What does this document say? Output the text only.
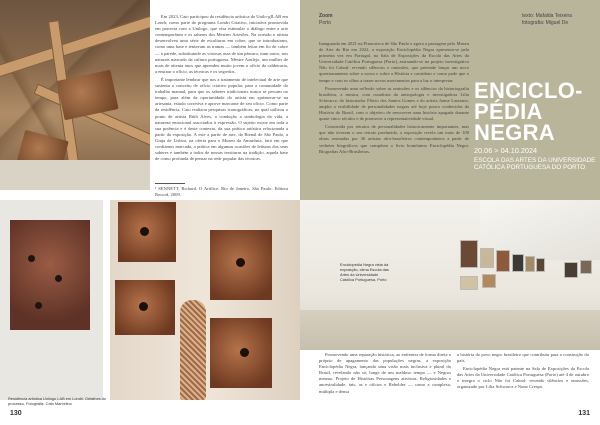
Em 2023, Cato participou da residência artística da Unilo-gILAB em Londr, como parte do programa Londri Criativo, iniciativa promovida em parceria com a Unilogo, que visa estimular o diálogo entre a arte contemporânea e os saberes dos Mestres Artesões. Na ocasião o artista desenvolveu uma série de esculturas em cobre, que se introduziram, como uma base e tentavam as tramas — também feitas em fio de cobre — à parede, substituindo as vistosas asas de um pássaro, num outro, nos naturais marcado da cultura portuguesa. Mestre Azulejo, um mulher de mais de oitenta anos que aprendeu muito jovem o ofício da caldeiraria, a ensinar o ofício, as técnicas e os segredos.

É importante lembrar que nos a tratamento de intelectual de arte que sustenta o conceito de ofício criativo popular, para a comunidade do trabalho manual, para que os saberes tradicionais nunca se percam no tempo, para além da oportunidade do artista em aprimorar-se na artesania, estudo corretiva e aprove marcante de seu ofício. Como parte da residência, Cato realizou pesquisas iconográficas, no qual utilizou o ponto de artista Rüth Alves, a condução a simbologia da vida, a natureza emocional associados à expressão. O sujeito existe em toda a sua potência e é deste contexto, da sua prática artística relacionada a partir da exposição. A este a partir de arte, da Bienal de São Paulo, a Ginja de Lisboa, na oferta para o Museu da Amazônia, fará em que confiamos marcada, a prática em algumas ocasiões de leituras dos seus saberes e também a todos de nossas tessituras na tradição, aquela base de como profunda de pensar na rede popular das técnicas.

¹ SENNETT, Richard. O Artífice. Rio de Janeiro, São Paulo: Editora Record, 2009.
Residência artística Unilogo LAB em Londri. Detalhes do processo. Fotografia: Cato Marcelino
130
Zoom
Porto
texto: Mafalda Teixeira
fotografia: Miguel De

Inaugurada em 2021 na Pinacoteca de São Paulo e agora a passagem pelo Museu de Arte do Rio em 2022, a exposição Enciclopédia Negra apresenta-se pela primeira vez em Portugal, na Sala de Exposições da Escola das Artes da Universidade Católica Portuguesa (Porto), assinando-se no projeto investigativo Não foi Cabral: revendo silêncios e omissões, que pretende lançar um novo questionamento sobre o nosso e sobre a História e contribuir e como pode que o tempo e com os olhos a trazer novos movimentos para a luz o interpretar.

Promovendo uma reflexão sobre as omissões e os silêncios da historiografia brasileira, a mostra, com curadoria da antropologia e investigadora Lilia Schwarcz, do historiador Flávio dos Santos Gomes e do artista Jaime Lauriano, amplia a visibilidade de personalidades negras até hoje pouco conhecidas da História do Brasil, com o objetivo de reescrever uma história apagada durante quase cinco séculos e de promover a representatividade visual.

Construída por retratos de personalidades historicamente importantes, mas que não tiveram o seu retrato produzido, a exposição revela um mais de 100 obras assinadas por 36 artistas afro-brasileiros contemporâneos a partir de verbetes biográficos que compõem o livro homônimo Enciclopédia Negra: Biografias Afro-Brasileiras.

ENCICLO-PÉDIA NEGRA
20.06 > 04.10.2024
ESCOLA DAS ARTES DA UNIVERSIDADE CATÓLICA PORTUGUESA DO PORTO
Enciclopédia Negra vista da exposição, clima Escola das Artes da Universidade Católica Portuguesa, Porto

Promovendo uma reparação histórica, ao enfrentar de forma direta o próprio de apagamento das populações negras, a exposição Enciclopédia Negra, lançando uma visão mais inclusiva e plural do Brasil, revelando não só, longe de um maldoso tempo — e Negros mesmo, Projeto de Histórias Personagens ativistas, Religiosidades e ancestralidade, tais, as e ofícios e Rebeldes — como a complexa, múltipla e densa

a história do povo negro brasileiro que contribuiu para a construção do país.

Enciclopédia Negra está patente na Sala de Exposições da Escola das Artes da Universidade Católica Portuguesa (Porto) até 4 de outubro e integra o ciclo Não foi Cabral: revendo silêncios e omissões, organizado por Lilia Schwarcz e Nuno Crespo.

131
